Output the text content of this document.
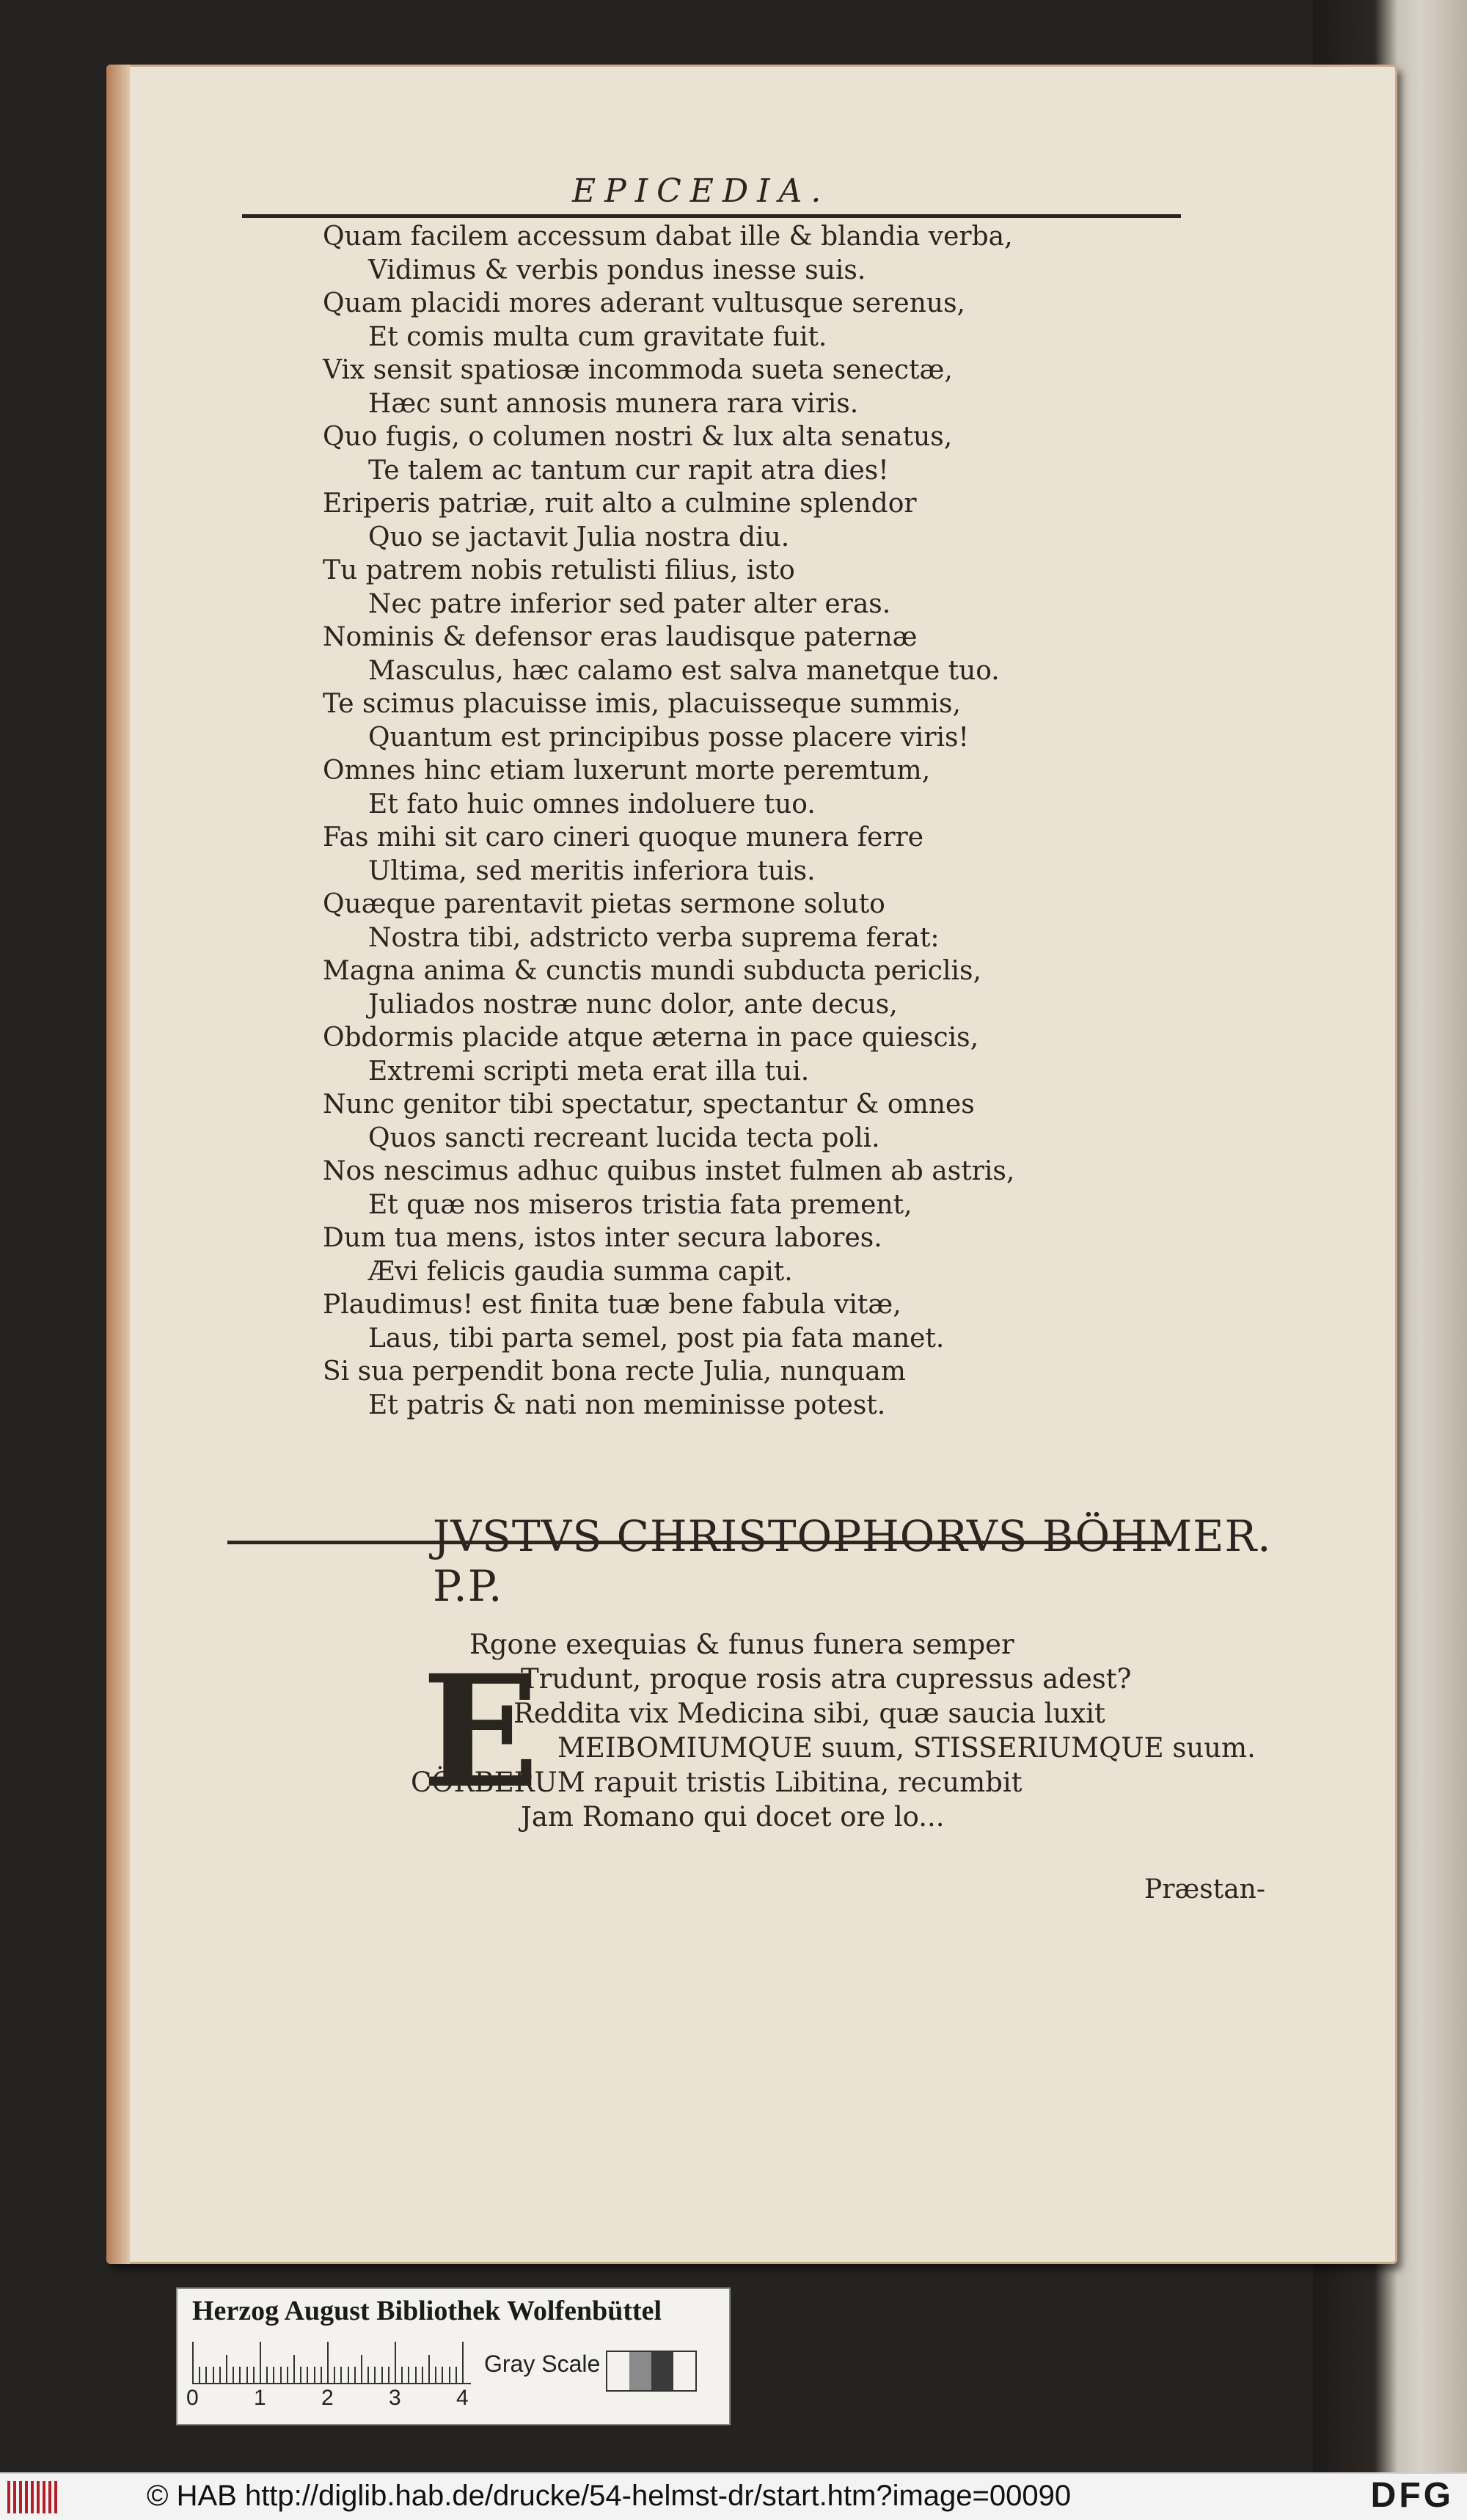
EPICEDIA.
Quam facilem accessum dabat ille & blandia verba,
Vidimus & verbis pondus inesse suis.
Quam placidi mores aderant vultusque serenus,
Et comis multa cum gravitate fuit.
Vix sensit spatiosæ incommoda sueta senectæ,
Hæc sunt annosis munera rara viris.
Quo fugis, o columen nostri & lux alta senatus,
Te talem ac tantum cur rapit atra dies!
Eriperis patriæ, ruit alto a culmine splendor
Quo se jactavit Julia nostra diu.
Tu patrem nobis retulisti filius, isto
Nec patre inferior sed pater alter eras.
Nominis & defensor eras laudisque paternæ
Masculus, hæc calamo est salva manetque tuo.
Te scimus placuisse imis, placuisseque summis,
Quantum est principibus posse placere viris!
Omnes hinc etiam luxerunt morte peremtum,
Et fato huic omnes indoluere tuo.
Fas mihi sit caro cineri quoque munera ferre
Ultima, sed meritis inferiora tuis.
Quæque parentavit pietas sermone soluto
Nostra tibi, adstricto verba suprema ferat:
Magna anima & cunctis mundi subducta periclis,
Juliados nostræ nunc dolor, ante decus,
Obdormis placide atque æterna in pace quiescis,
Extremi scripti meta erat illa tui.
Nunc genitor tibi spectatur, spectantur & omnes
Quos sancti recreant lucida tecta poli.
Nos nescimus adhuc quibus instet fulmen ab astris,
Et quæ nos miseros tristia fata prement,
Dum tua mens, istos inter secura labores.
Ævi felicis gaudia summa capit.
Plaudimus! est finita tuæ bene fabula vitæ,
Laus, tibi parta semel, post pia fata manet.
Si sua perpendit bona recte Julia, nunquam
Et patris & nati non meminisse potest.
JVSTVS CHRISTOPHORVS BÖHMER. P.P.
E
Rgone exequias & funus funera semper
Trudunt, proque rosis atra cupressus adest?
Reddita vix Medicina sibi, quæ saucia luxit
MEIBOMIUMQUE suum, STISSERIUMQUE suum.
CÖRBERUM rapuit tristis Libitina, recumbit
Jam Romano qui docet ore lo...
Præstan-
Herzog August Bibliothek Wolfenbüttel
Gray Scale
0	1	2	3	4
© HAB http://diglib.hab.de/drucke/54-helmst-dr/start.htm?image=00090	DFG
